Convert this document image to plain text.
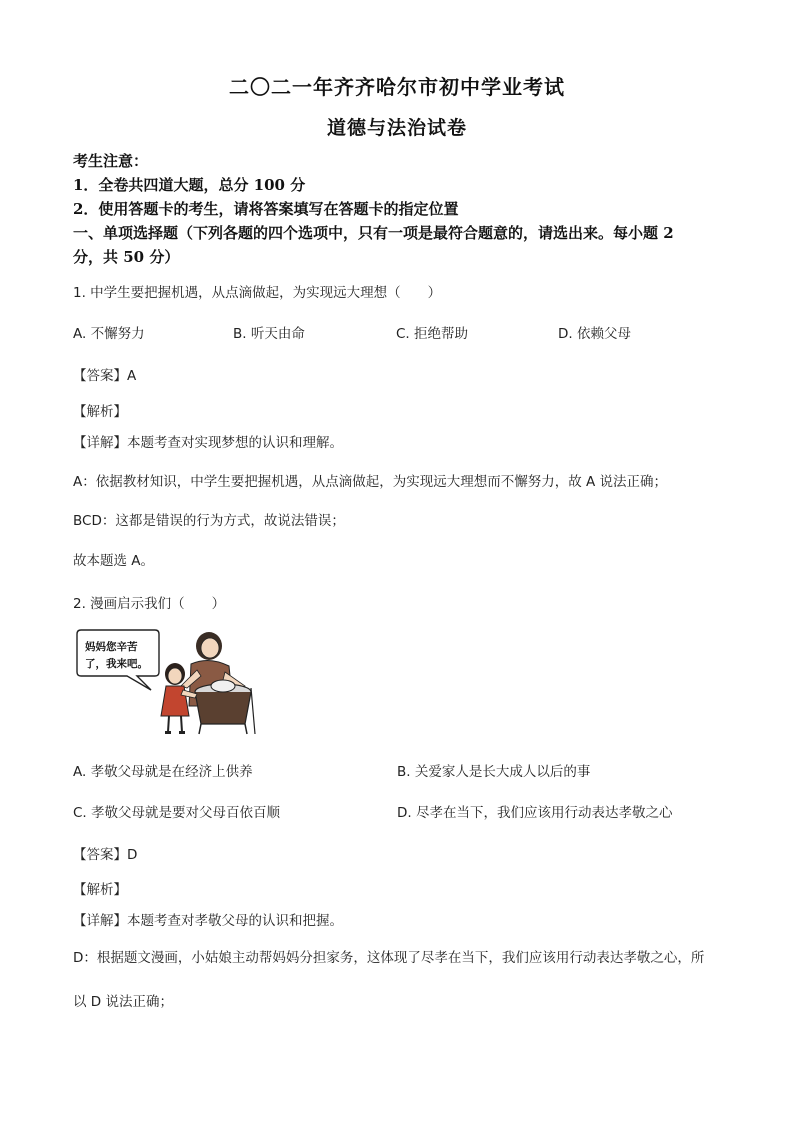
二〇二一年齐齐哈尔市初中学业考试
道德与法治试卷
考生注意：
1．全卷共四道大题，总分 100 分
2．使用答题卡的考生，请将答案填写在答题卡的指定位置
一、单项选择题（下列各题的四个选项中，只有一项是最符合题意的，请选出来。每小题 2
分，共 50 分）
1. 中学生要把握机遇，从点滴做起，为实现远大理想（　　）
A. 不懈努力	B. 听天由命	C. 拒绝帮助	D. 依赖父母
【答案】A
【解析】
【详解】本题考查对实现梦想的认识和理解。
A：依据教材知识，中学生要把握机遇，从点滴做起，为实现远大理想而不懈努力，故 A 说法正确；
BCD：这都是错误的行为方式，故说法错误；
故本题选 A。
2. 漫画启示我们（　　）
妈妈您辛苦
了，我来吧。
A. 孝敬父母就是在经济上供养	B. 关爱家人是长大成人以后的事
C. 孝敬父母就是要对父母百依百顺	D. 尽孝在当下，我们应该用行动表达孝敬之心
【答案】D
【解析】
【详解】本题考查对孝敬父母的认识和把握。
D：根据题文漫画，小姑娘主动帮妈妈分担家务，这体现了尽孝在当下，我们应该用行动表达孝敬之心，所
以 D 说法正确；
